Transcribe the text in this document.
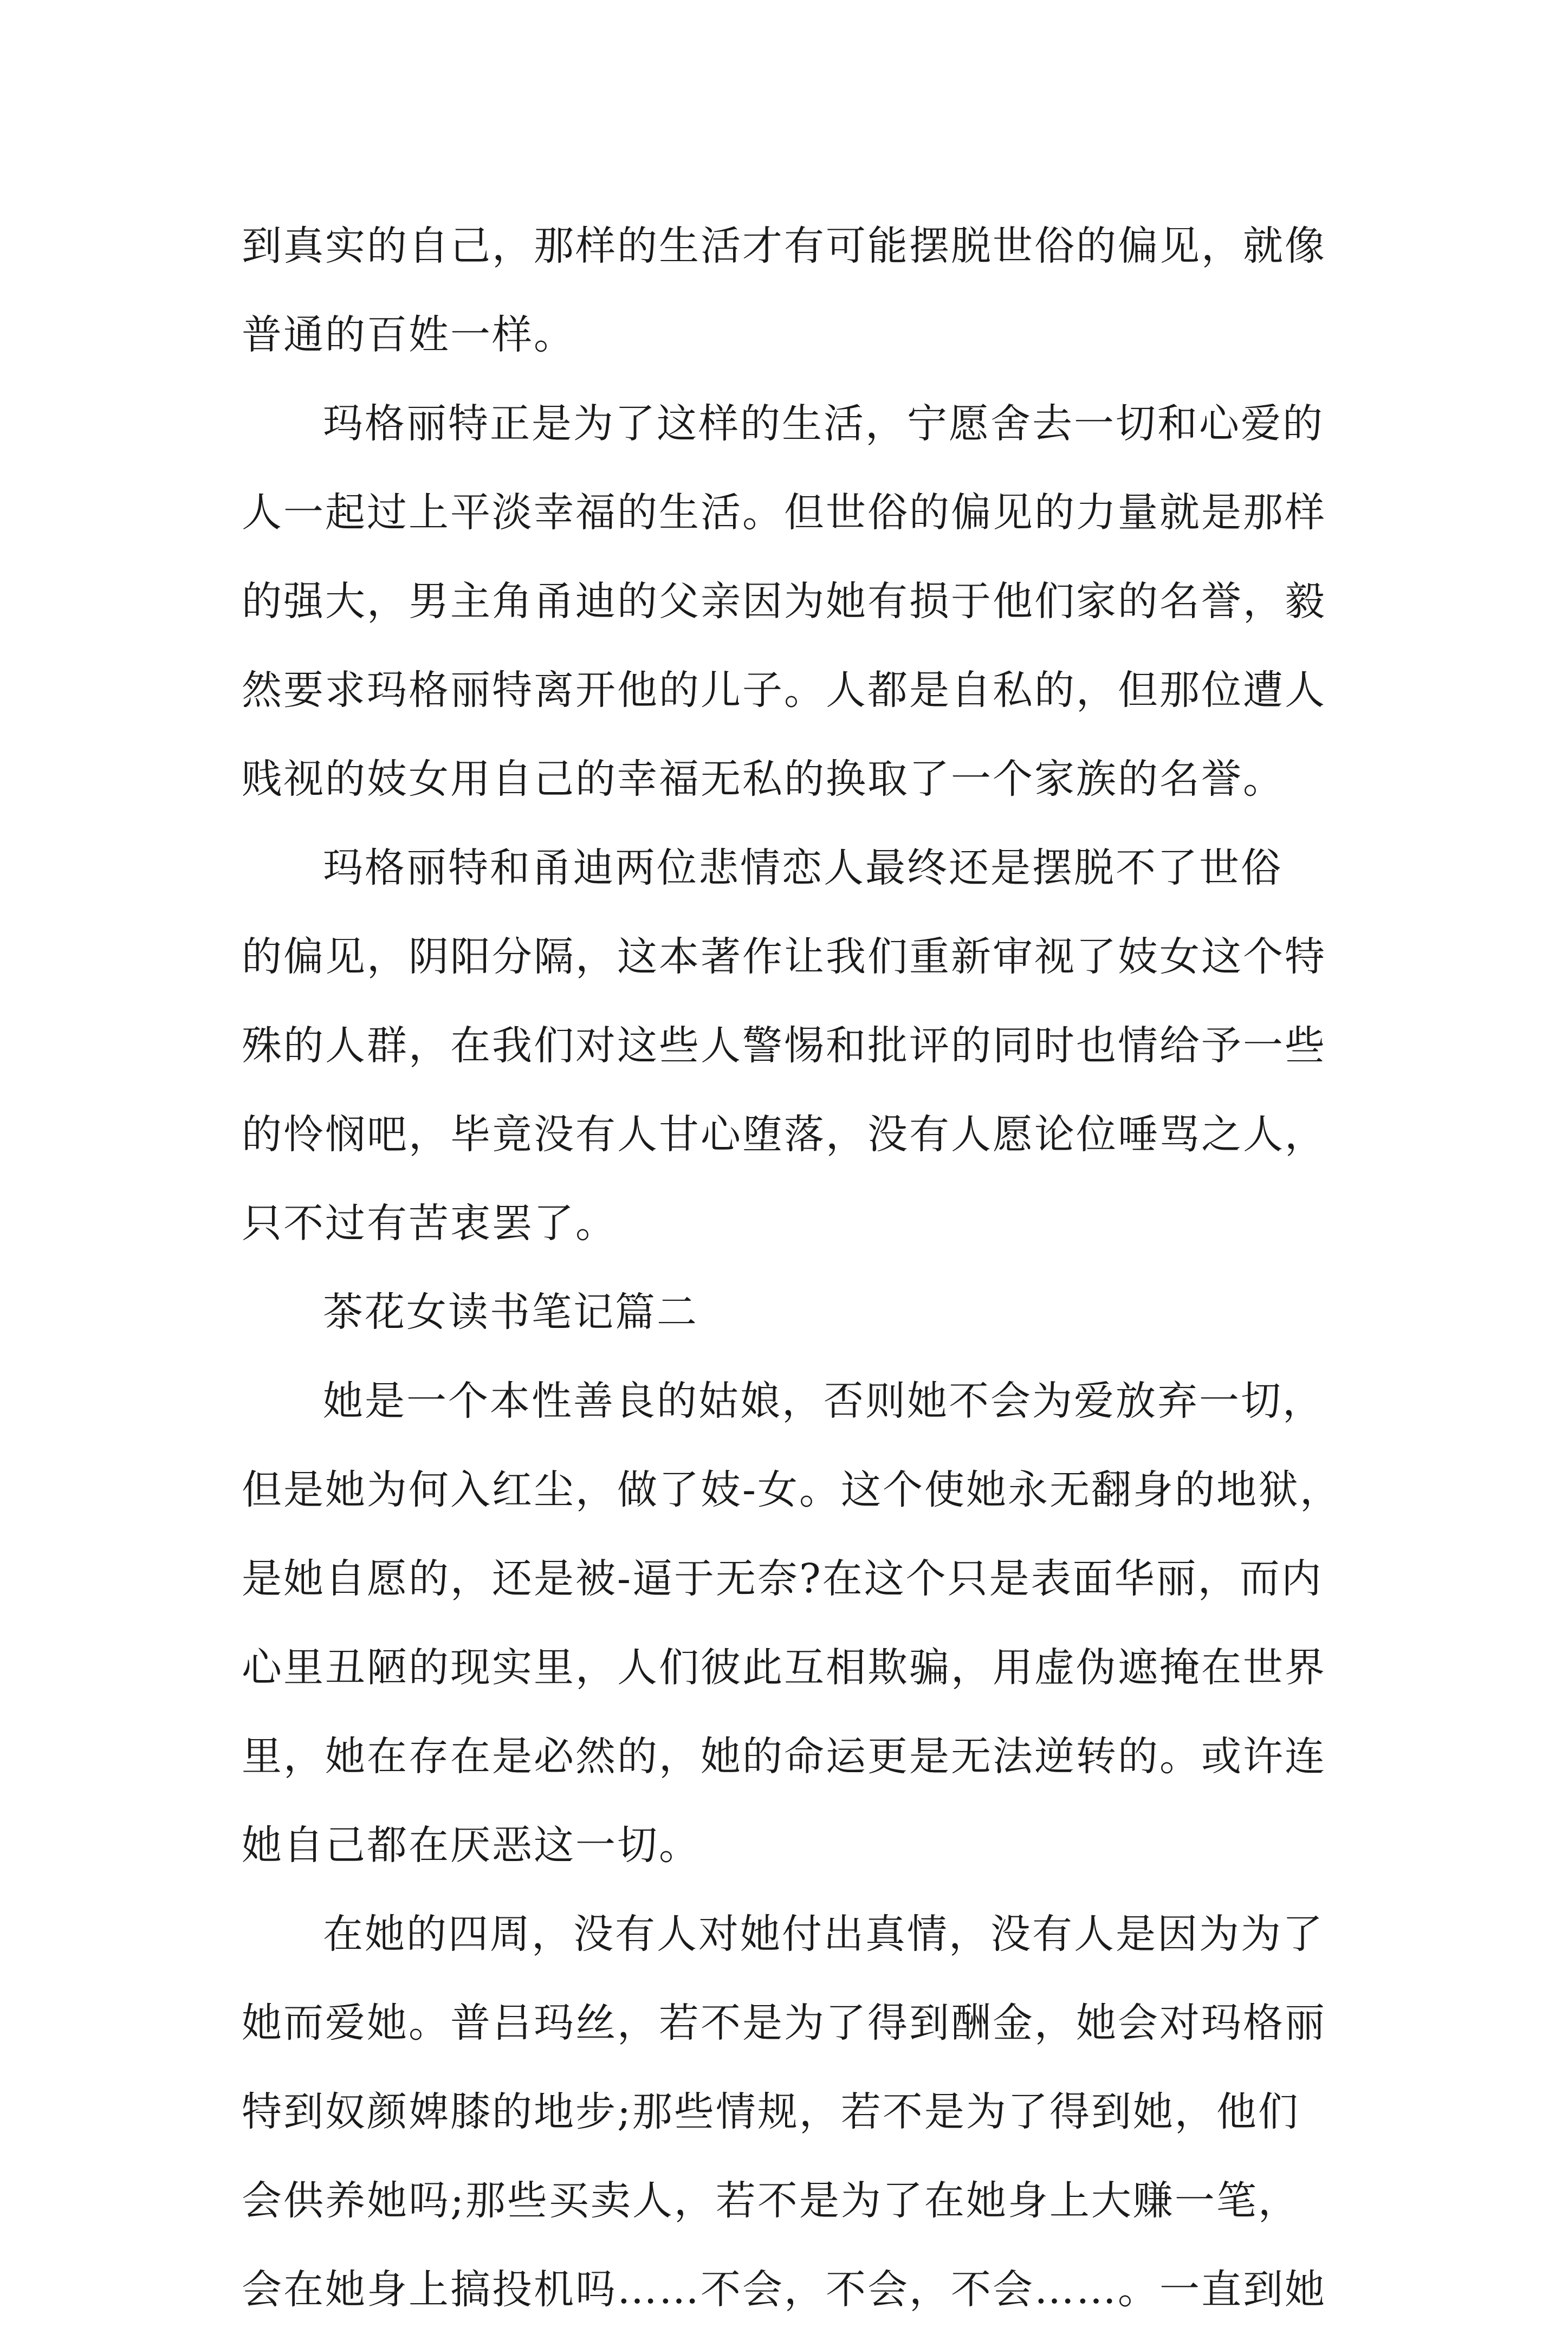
到真实的自己，那样的生活才有可能摆脱世俗的偏见，就像
普通的百姓一样。
玛格丽特正是为了这样的生活，宁愿舍去一切和心爱的
人一起过上平淡幸福的生活。但世俗的偏见的力量就是那样
的强大，男主角甬迪的父亲因为她有损于他们家的名誉，毅
然要求玛格丽特离开他的儿子。人都是自私的，但那位遭人
贱视的妓女用自己的幸福无私的换取了一个家族的名誉。
玛格丽特和甬迪两位悲情恋人最终还是摆脱不了世俗
的偏见，阴阳分隔，这本著作让我们重新审视了妓女这个特
殊的人群，在我们对这些人警惕和批评的同时也情给予一些
的怜悯吧，毕竟没有人甘心堕落，没有人愿论位唾骂之人，
只不过有苦衷罢了。
茶花女读书笔记篇二
她是一个本性善良的姑娘，否则她不会为爱放弃一切，
但是她为何入红尘，做了妓-女。这个使她永无翻身的地狱，
是她自愿的，还是被-逼于无奈?在这个只是表面华丽，而内
心里丑陋的现实里，人们彼此互相欺骗，用虚伪遮掩在世界
里，她在存在是必然的，她的命运更是无法逆转的。或许连
她自己都在厌恶这一切。
在她的四周，没有人对她付出真情，没有人是因为为了
她而爱她。普吕玛丝，若不是为了得到酬金，她会对玛格丽
特到奴颜婢膝的地步;那些情规，若不是为了得到她，他们
会供养她吗;那些买卖人，若不是为了在她身上大赚一笔，
会在她身上搞投机吗……不会，不会，不会……。一直到她
